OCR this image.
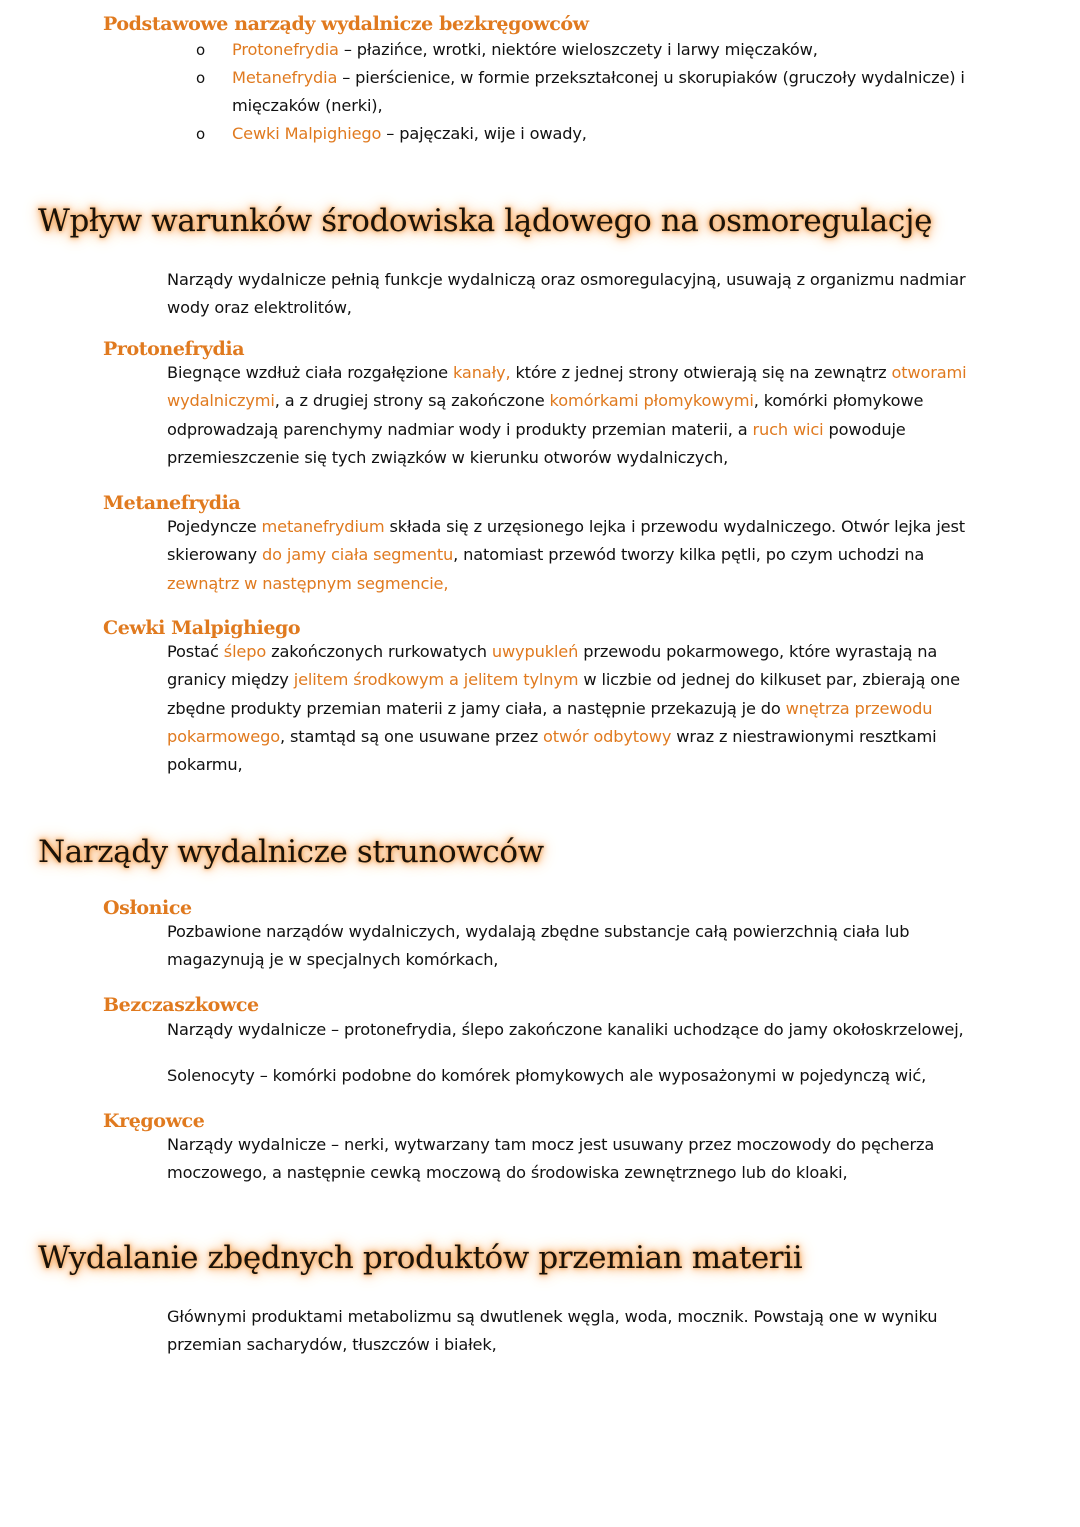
Podstawowe narządy wydalnicze bezkręgowców
o Protonefrydia – płazińce, wrotki, niektóre wieloszczety i larwy mięczaków,
o Metanefrydia – pierścienice, w formie przekształconej u skorupiaków (gruczoły wydalnicze) i mięczaków (nerki),
o Cewki Malpighiego – pajęczaki, wije i owady,
Wpływ warunków środowiska lądowego na osmoregulację
Narządy wydalnicze pełnią funkcje wydalniczą oraz osmoregulacyjną, usuwają z organizmu nadmiar wody oraz elektrolitów,
Protonefrydia
Biegnące wzdłuż ciała rozgałęzione kanały, które z jednej strony otwierają się na zewnątrz otworami wydalniczymi, a z drugiej strony są zakończone komórkami płomykowymi, komórki płomykowe odprowadzają parenchymy nadmiar wody i produkty przemian materii, a ruch wici powoduje przemieszczenie się tych związków w kierunku otworów wydalniczych,
Metanefrydia
Pojedyncze metanefrydium składa się z urzęsionego lejka i przewodu wydalniczego. Otwór lejka jest skierowany do jamy ciała segmentu, natomiast przewód tworzy kilka pętli, po czym uchodzi na zewnątrz w następnym segmencie,
Cewki Malpighiego
Postać ślepo zakończonych rurkowatych uwypukleń przewodu pokarmowego, które wyrastają na granicy między jelitem środkowym a jelitem tylnym w liczbie od jednej do kilkuset par, zbierają one zbędne produkty przemian materii z jamy ciała, a następnie przekazują je do wnętrza przewodu pokarmowego, stamtąd są one usuwane przez otwór odbytowy wraz z niestrawionymi resztkami pokarmu,
Narządy wydalnicze strunowców
Osłonice
Pozbawione narządów wydalniczych, wydalają zbędne substancje całą powierzchnią ciała lub magazynują je w specjalnych komórkach,
Bezczaszkowce
Narządy wydalnicze – protonefrydia, ślepo zakończone kanaliki uchodzące do jamy okołoskrzelowej,
Solenocyty – komórki podobne do komórek płomykowych ale wyposażonymi w pojedynczą wić,
Kręgowce
Narządy wydalnicze – nerki, wytwarzany tam mocz jest usuwany przez moczowody do pęcherza moczowego, a następnie cewką moczową do środowiska zewnętrznego lub do kloaki,
Wydalanie zbędnych produktów przemian materii
Głównymi produktami metabolizmu są dwutlenek węgla, woda, mocznik. Powstają one w wyniku przemian sacharydów, tłuszczów i białek,
